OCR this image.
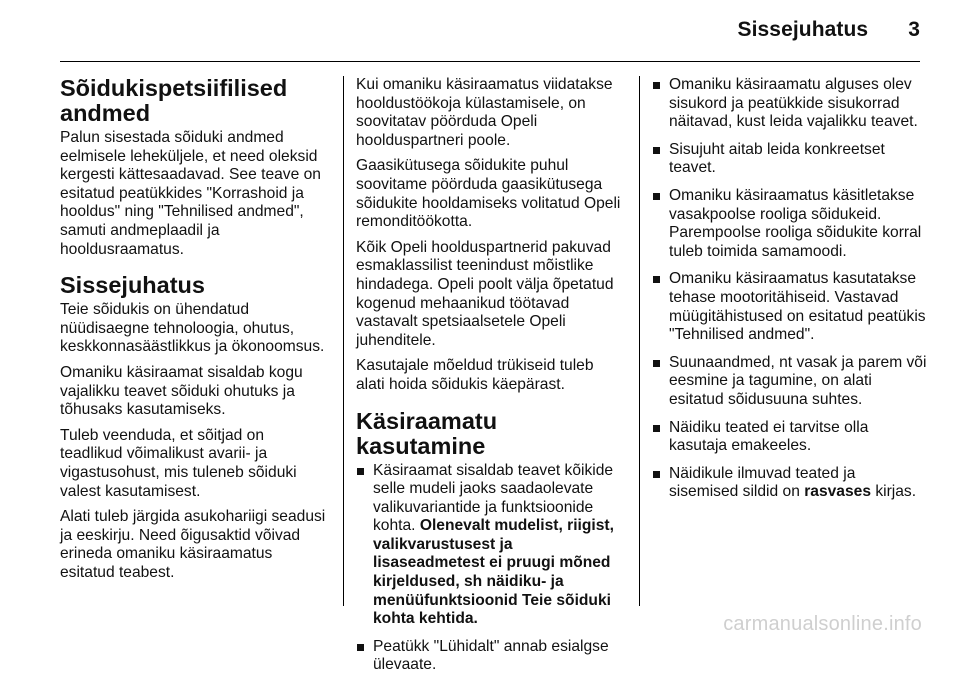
Sissejuhatus 3
Sõidukispetsiifilised andmed

Palun sisestada sõiduki andmed eelmisele leheküljele, et need oleksid kergesti kättesaadavad. See teave on esitatud peatükkides "Korrashoid ja hooldus" ning "Tehnilised andmed", samuti andmeplaadil ja hooldusraamatus.

Sissejuhatus

Teie sõidukis on ühendatud nüüdisaegne tehnoloogia, ohutus, keskkonnasäästlikkus ja ökonoomsus.

Omaniku käsiraamat sisaldab kogu vajalikku teavet sõiduki ohutuks ja tõhusaks kasutamiseks.

Tuleb veenduda, et sõitjad on teadlikud võimalikust avarii- ja vigastusohust, mis tuleneb sõiduki valest kasutamisest.

Alati tuleb järgida asukohariigi seadusi ja eeskirju. Need õigusaktid võivad erineda omaniku käsiraamatus esitatud teabest.

Kui omaniku käsiraamatus viidatakse hooldustöökoja külastamisele, on soovitatav pöörduda Opeli hoolduspartneri poole.

Gaasikütusega sõidukite puhul soovitame pöörduda gaasikütusega sõidukite hooldamiseks volitatud Opeli remonditöökotta.

Kõik Opeli hoolduspartnerid pakuvad esmaklassilist teenindust mõistlike hindadega. Opeli poolt välja õpetatud kogenud mehaanikud töötavad vastavalt spetsiaalsetele Opeli juhenditele.

Kasutajale mõeldud trükiseid tuleb alati hoida sõidukis käepärast.

Käsiraamatu kasutamine
Käsiraamat sisaldab teavet kõikide selle mudeli jaoks saadaolevate valikuvariantide ja funktsioonide kohta. Olenevalt mudelist, riigist, valikvarustusest ja lisaseadmetest ei pruugi mõned kirjeldused, sh näidiku- ja menüüfunktsioonid Teie sõiduki kohta kehtida.
Peatükk "Lühidalt" annab esialgse ülevaate.
Omaniku käsiraamatu alguses olev sisukord ja peatükkide sisukorrad näitavad, kust leida vajalikku teavet.
Sisujuht aitab leida konkreetset teavet.
Omaniku käsiraamatus käsitletakse vasakpoolse rooliga sõidukeid. Parempoolse rooliga sõidukite korral tuleb toimida samamoodi.
Omaniku käsiraamatus kasutatakse tehase mootoritähiseid. Vastavad müügitähistused on esitatud peatükis "Tehnilised andmed".
Suunaandmed, nt vasak ja parem või eesmine ja tagumine, on alati esitatud sõidusuuna suhtes.
Näidiku teated ei tarvitse olla kasutaja emakeeles.
Näidikule ilmuvad teated ja sisemised sildid on rasvases kirjas.
carmanualsonline.info
